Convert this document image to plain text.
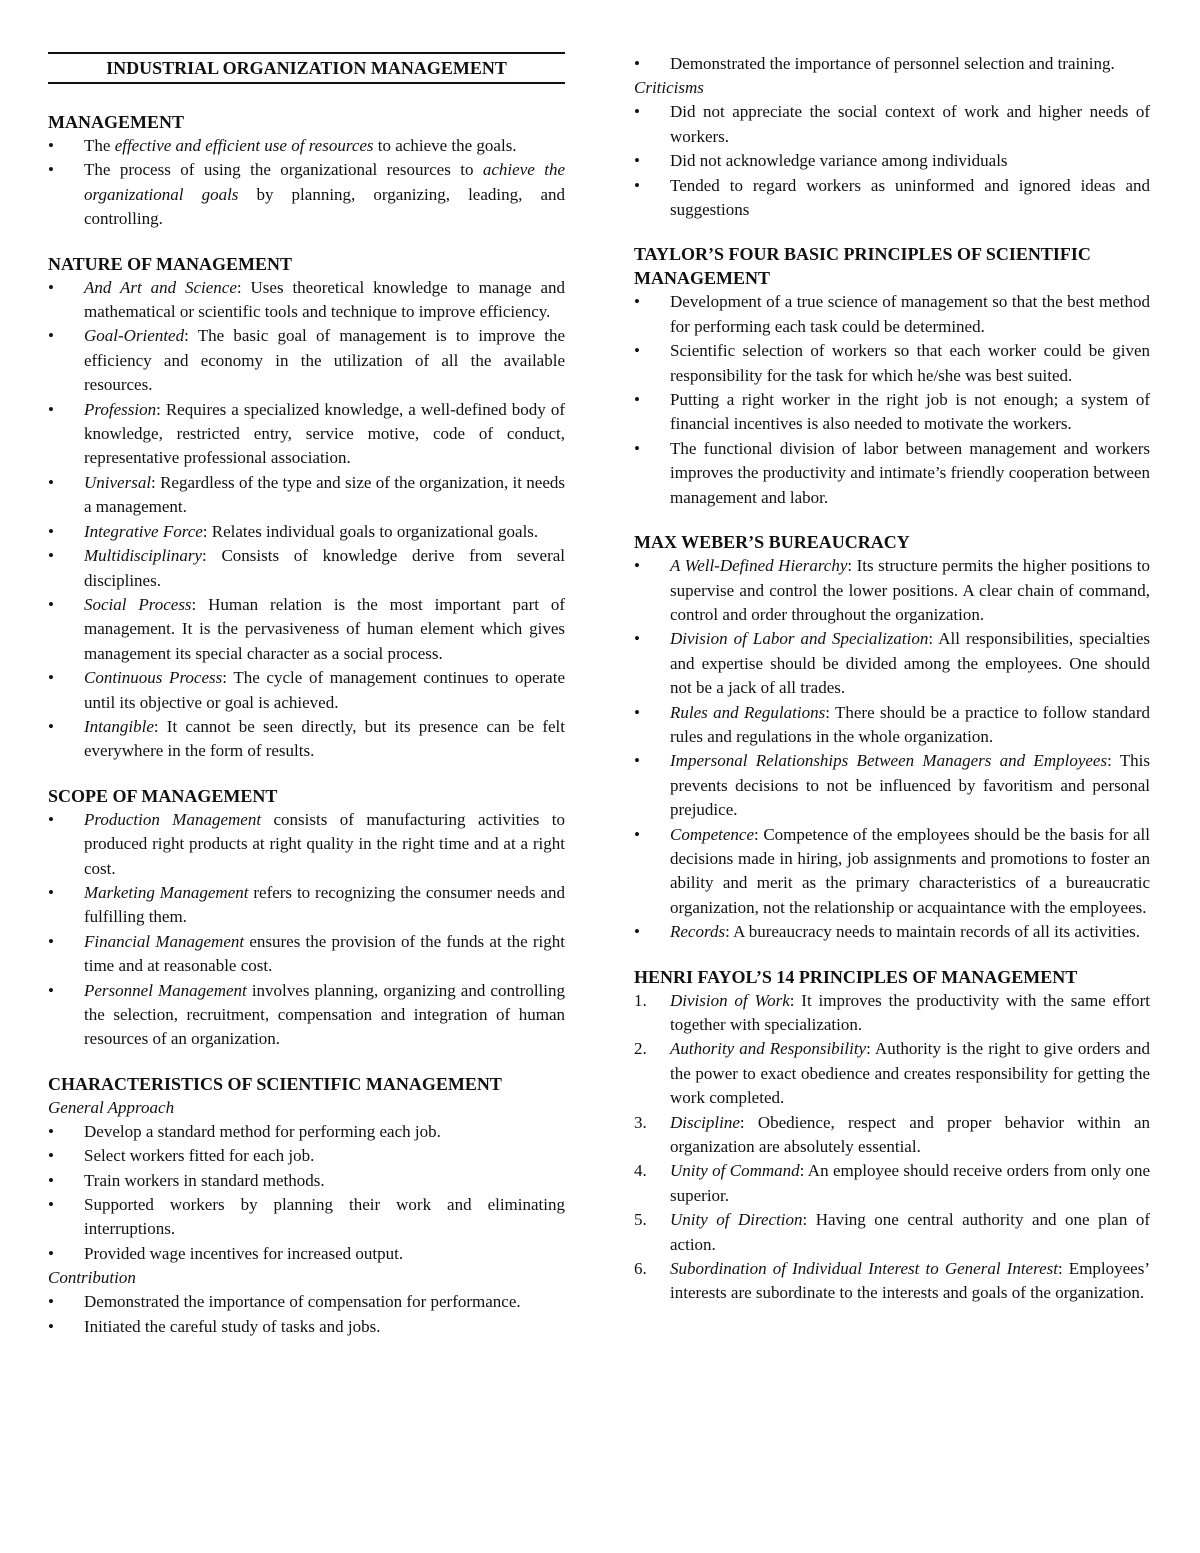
INDUSTRIAL ORGANIZATION MANAGEMENT
MANAGEMENT
• The effective and efficient use of resources to achieve the goals.
• The process of using the organizational resources to achieve the organizational goals by planning, organizing, leading, and controlling.
NATURE OF MANAGEMENT
• And Art and Science: Uses theoretical knowledge to manage and mathematical or scientific tools and technique to improve efficiency.
• Goal-Oriented: The basic goal of management is to improve the efficiency and economy in the utilization of all the available resources.
• Profession: Requires a specialized knowledge, a well-defined body of knowledge, restricted entry, service motive, code of conduct, representative professional association.
• Universal: Regardless of the type and size of the organization, it needs a management.
• Integrative Force: Relates individual goals to organizational goals.
• Multidisciplinary: Consists of knowledge derive from several disciplines.
• Social Process: Human relation is the most important part of management. It is the pervasiveness of human element which gives management its special character as a social process.
• Continuous Process: The cycle of management continues to operate until its objective or goal is achieved.
• Intangible: It cannot be seen directly, but its presence can be felt everywhere in the form of results.
SCOPE OF MANAGEMENT
• Production Management consists of manufacturing activities to produced right products at right quality in the right time and at a right cost.
• Marketing Management refers to recognizing the consumer needs and fulfilling them.
• Financial Management ensures the provision of the funds at the right time and at reasonable cost.
• Personnel Management involves planning, organizing and controlling the selection, recruitment, compensation and integration of human resources of an organization.
CHARACTERISTICS OF SCIENTIFIC MANAGEMENT
General Approach
• Develop a standard method for performing each job.
• Select workers fitted for each job.
• Train workers in standard methods.
• Supported workers by planning their work and eliminating interruptions.
• Provided wage incentives for increased output.
Contribution
• Demonstrated the importance of compensation for performance.
• Initiated the careful study of tasks and jobs.
• Demonstrated the importance of personnel selection and training.
Criticisms
• Did not appreciate the social context of work and higher needs of workers.
• Did not acknowledge variance among individuals
• Tended to regard workers as uninformed and ignored ideas and suggestions
TAYLOR’S FOUR BASIC PRINCIPLES OF SCIENTIFIC MANAGEMENT
• Development of a true science of management so that the best method for performing each task could be determined.
• Scientific selection of workers so that each worker could be given responsibility for the task for which he/she was best suited.
• Putting a right worker in the right job is not enough; a system of financial incentives is also needed to motivate the workers.
• The functional division of labor between management and workers improves the productivity and intimate’s friendly cooperation between management and labor.
MAX WEBER’S BUREAUCRACY
• A Well-Defined Hierarchy: Its structure permits the higher positions to supervise and control the lower positions. A clear chain of command, control and order throughout the organization.
• Division of Labor and Specialization: All responsibilities, specialties and expertise should be divided among the employees. One should not be a jack of all trades.
• Rules and Regulations: There should be a practice to follow standard rules and regulations in the whole organization.
• Impersonal Relationships Between Managers and Employees: This prevents decisions to not be influenced by favoritism and personal prejudice.
• Competence: Competence of the employees should be the basis for all decisions made in hiring, job assignments and promotions to foster an ability and merit as the primary characteristics of a bureaucratic organization, not the relationship or acquaintance with the employees.
• Records: A bureaucracy needs to maintain records of all its activities.
HENRI FAYOL’S 14 PRINCIPLES OF MANAGEMENT
1. Division of Work: It improves the productivity with the same effort together with specialization.
2. Authority and Responsibility: Authority is the right to give orders and the power to exact obedience and creates responsibility for getting the work completed.
3. Discipline: Obedience, respect and proper behavior within an organization are absolutely essential.
4. Unity of Command: An employee should receive orders from only one superior.
5. Unity of Direction: Having one central authority and one plan of action.
6. Subordination of Individual Interest to General Interest: Employees’ interests are subordinate to the interests and goals of the organization.
